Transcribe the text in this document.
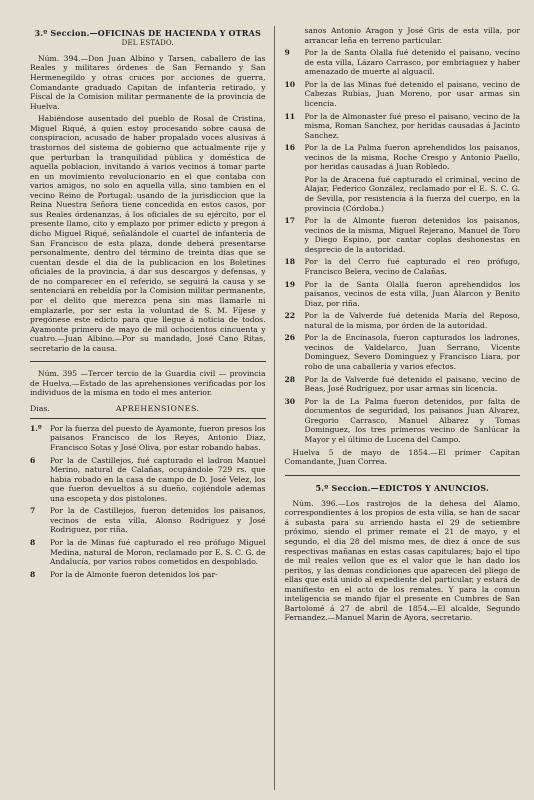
3.º Seccion.—OFICINAS DE HACIENDA Y OTRAS
DEL ESTADO.

Núm. 394.—Don Juan Albino y Tarsen, caballero de las Reales y militares órdenes de San Fernando y San Hermenegildo y otras cruces por acciones de guerra, Comandante graduado Capitan de infanteria retirado, y Fiscal de la Comision militar permanente de la provincia de Huelva.

Habiéndose ausentado del pueblo de Rosal de Cristina, Miguel Riqué, á quien estoy procesando sobre causa de conspiracion, acusado de haber propalado voces alusivas á trastornos del sistema de gobierno que actualmente rije y que perturban la tranquilidad pública y doméstica de aquella poblacion, invitando á varios vecinos á tomar parte en un movimiento revolucionario en el que contaba con varios amigos, no solo en aquella villa, sino tambien en el vecino Reino de Portugal: usando de la jurisdiccion que la Reina Nuestra Señora tiene concedida en estos casos, por sus Reales órdenanzas, á los oficiales de su ejército, por el presente llamo, cito y emplazo por primer edicto y pregon á dicho Miguel Riqué, señalándole el cuartel de infantería de San Francisco de esta plaza, donde deberá presentarse personalmente, dentro del término de treinta dias que se cuentan desde el dia de la publicacion en los Boletines oficiales de la provincia, á dar sus descargos y defensas, y de no comparecer en el referido, se seguirá la causa y se sentenciará en rebeldía por la Comision militar permanente, por el delito que merezca pena sin mas llamarle ni emplazarle, por ser esta la voluntad de S. M. Fíjese y pregónese este edicto para que llegue á noticia de todos. Ayamonte primero de mayo de mil ochocientos cincuenta y cuatro.—Juan Albino.—Por su mandado, José Cano Ritas, secretario de la causa.

Núm. 395 —Tercer tercio de la Guardia civil — provincia de Huelva.—Estado de las aprehensiones verificadas por los individuos de la misma en todo el mes anterior.

Dias.	APREHENSIONES.
1.º	Por la fuerza del puesto de Ayamonte, fueron presos los paisanos Francisco de los Reyes, Antonio Diaz, Francisco Sotas y José Oliva, por estar robando habas.
6	Por la de Castillejos, fué capturado el ladron Manuel Merino, natural de Calañas, ocupándole 729 rs. que habia robado en la casa de campo de D. José Velez, los que fueron devueltos á su dueño, cojiéndole ademas una escopeta y dos pistolones.
7	Por la de Castillejos, fueron detenidos los paisanos, vecinos de esta villa, Alonso Rodriguez y José Rodriguez, por riña.
8	Por la de Minas fué capturado el reo prófugo Miguel Medina, natural de Moron, reclamado por E. S. C. G. de Andalucía, por varios robos cometidos en despoblado.
8	Por la de Almonte fueron detenidos los par-
sanos Antonio Aragon y José Gris de esta villa, por arrancar leña en terreno particular.
9	Por la de Santa Olalla fué detenido el paisano, vecino de esta villa, Lázaro Carrasco, por embriaguez y haber amenazado de muerte al alguacil.
10	Por la de las Minas fué detenido el paisano, vecino de Cabezas Rubias, Juan Moreno, por usar armas sin licencia.
11	Por la de Almonaster fué preso el paisano, vecino de la misma, Roman Sanchez, por heridas causadas á Jacinto Sanchez.
16	Por la de La Palma fueron aprehendidos los paisanos, vecinos de la misma, Roche Crespo y Antonio Paello, por heridas causadas á Juan Robledo.
Por la de Aracena fué capturado el criminal, vecino de Alajar, Federico González, reclamado por el E. S. C. G. de Sevilla, por resistencia á la fuerza del cuerpo, en la provincia (Córdoba.)
17	Por la de Almonte fueron detenidos los paisanos, vecinos de la misma, Miguel Rejerano, Manuel de Toro y Diego Espino, por cantar coplas deshonestas en desprecio de la autoridad.
18	Por la del Cerro fué capturado el reo prófugo, Francisco Belera, vecino de Calañas.
19	Por la de Santa Olalla fueron aprehendidos los paisanos, vecinos de esta villa, Juan Alarcon y Benito Diaz, por riña.
22	Por la de Valverde fué detenida María del Reposo, natural de la misma, por órden de la autoridad.
26	Por la de Encinasola, fueron capturados los ladrones, vecinos de Valdelarco, Juan Serrano, Vicente Dominguez, Severo Dominguez y Francisco Liara, por robo de una caballeria y varios efectos.
28	Por la de Valverde fué detenido el paisano, vecino de Beas, José Rodriguez, por usar armas sin licencia.
30	Por la de La Palma fueron detenidos, por falta de documentos de seguridad, los paisanos Juan Alvarez, Gregorio Carrasco, Manuel Albarez y Tomas Dominguez, los tres primeros vecino de Sanlúcar la Mayor y el último de Lucena del Campo.

Huelva 5 de mayo de 1854.—El primer Capitan Comandante, Juan Correa.

5.º Seccion.—EDICTOS Y ANUNCIOS.

Núm. 396.—Los rastrojos de la dehesa del Alamo, correspondientes á los propios de esta villa, se han de sacar á subasta para su arriendo hasta el 29 de setiembre próximo, siendo el primer remate el 21 de mayo, y el segundo, el dia 28 del mismo mes, de diez á once de sus respectivas mañanas en estas casas capitulares; bajo el tipo de mil reales vellon que es el valor que le han dado los peritos, y las demas condiciones que aparecen del pliego de ellas que está unido al expediente del particular, y estará de manifiesto en el acto de los remates. Y para la comun inteligencia se mando fijar el presente en Cumbres de San Bartolomé á 27 de abril de 1854.—El alcalde, Segundo Fernandez.—Manuel Marin de Ayora, secretario.
